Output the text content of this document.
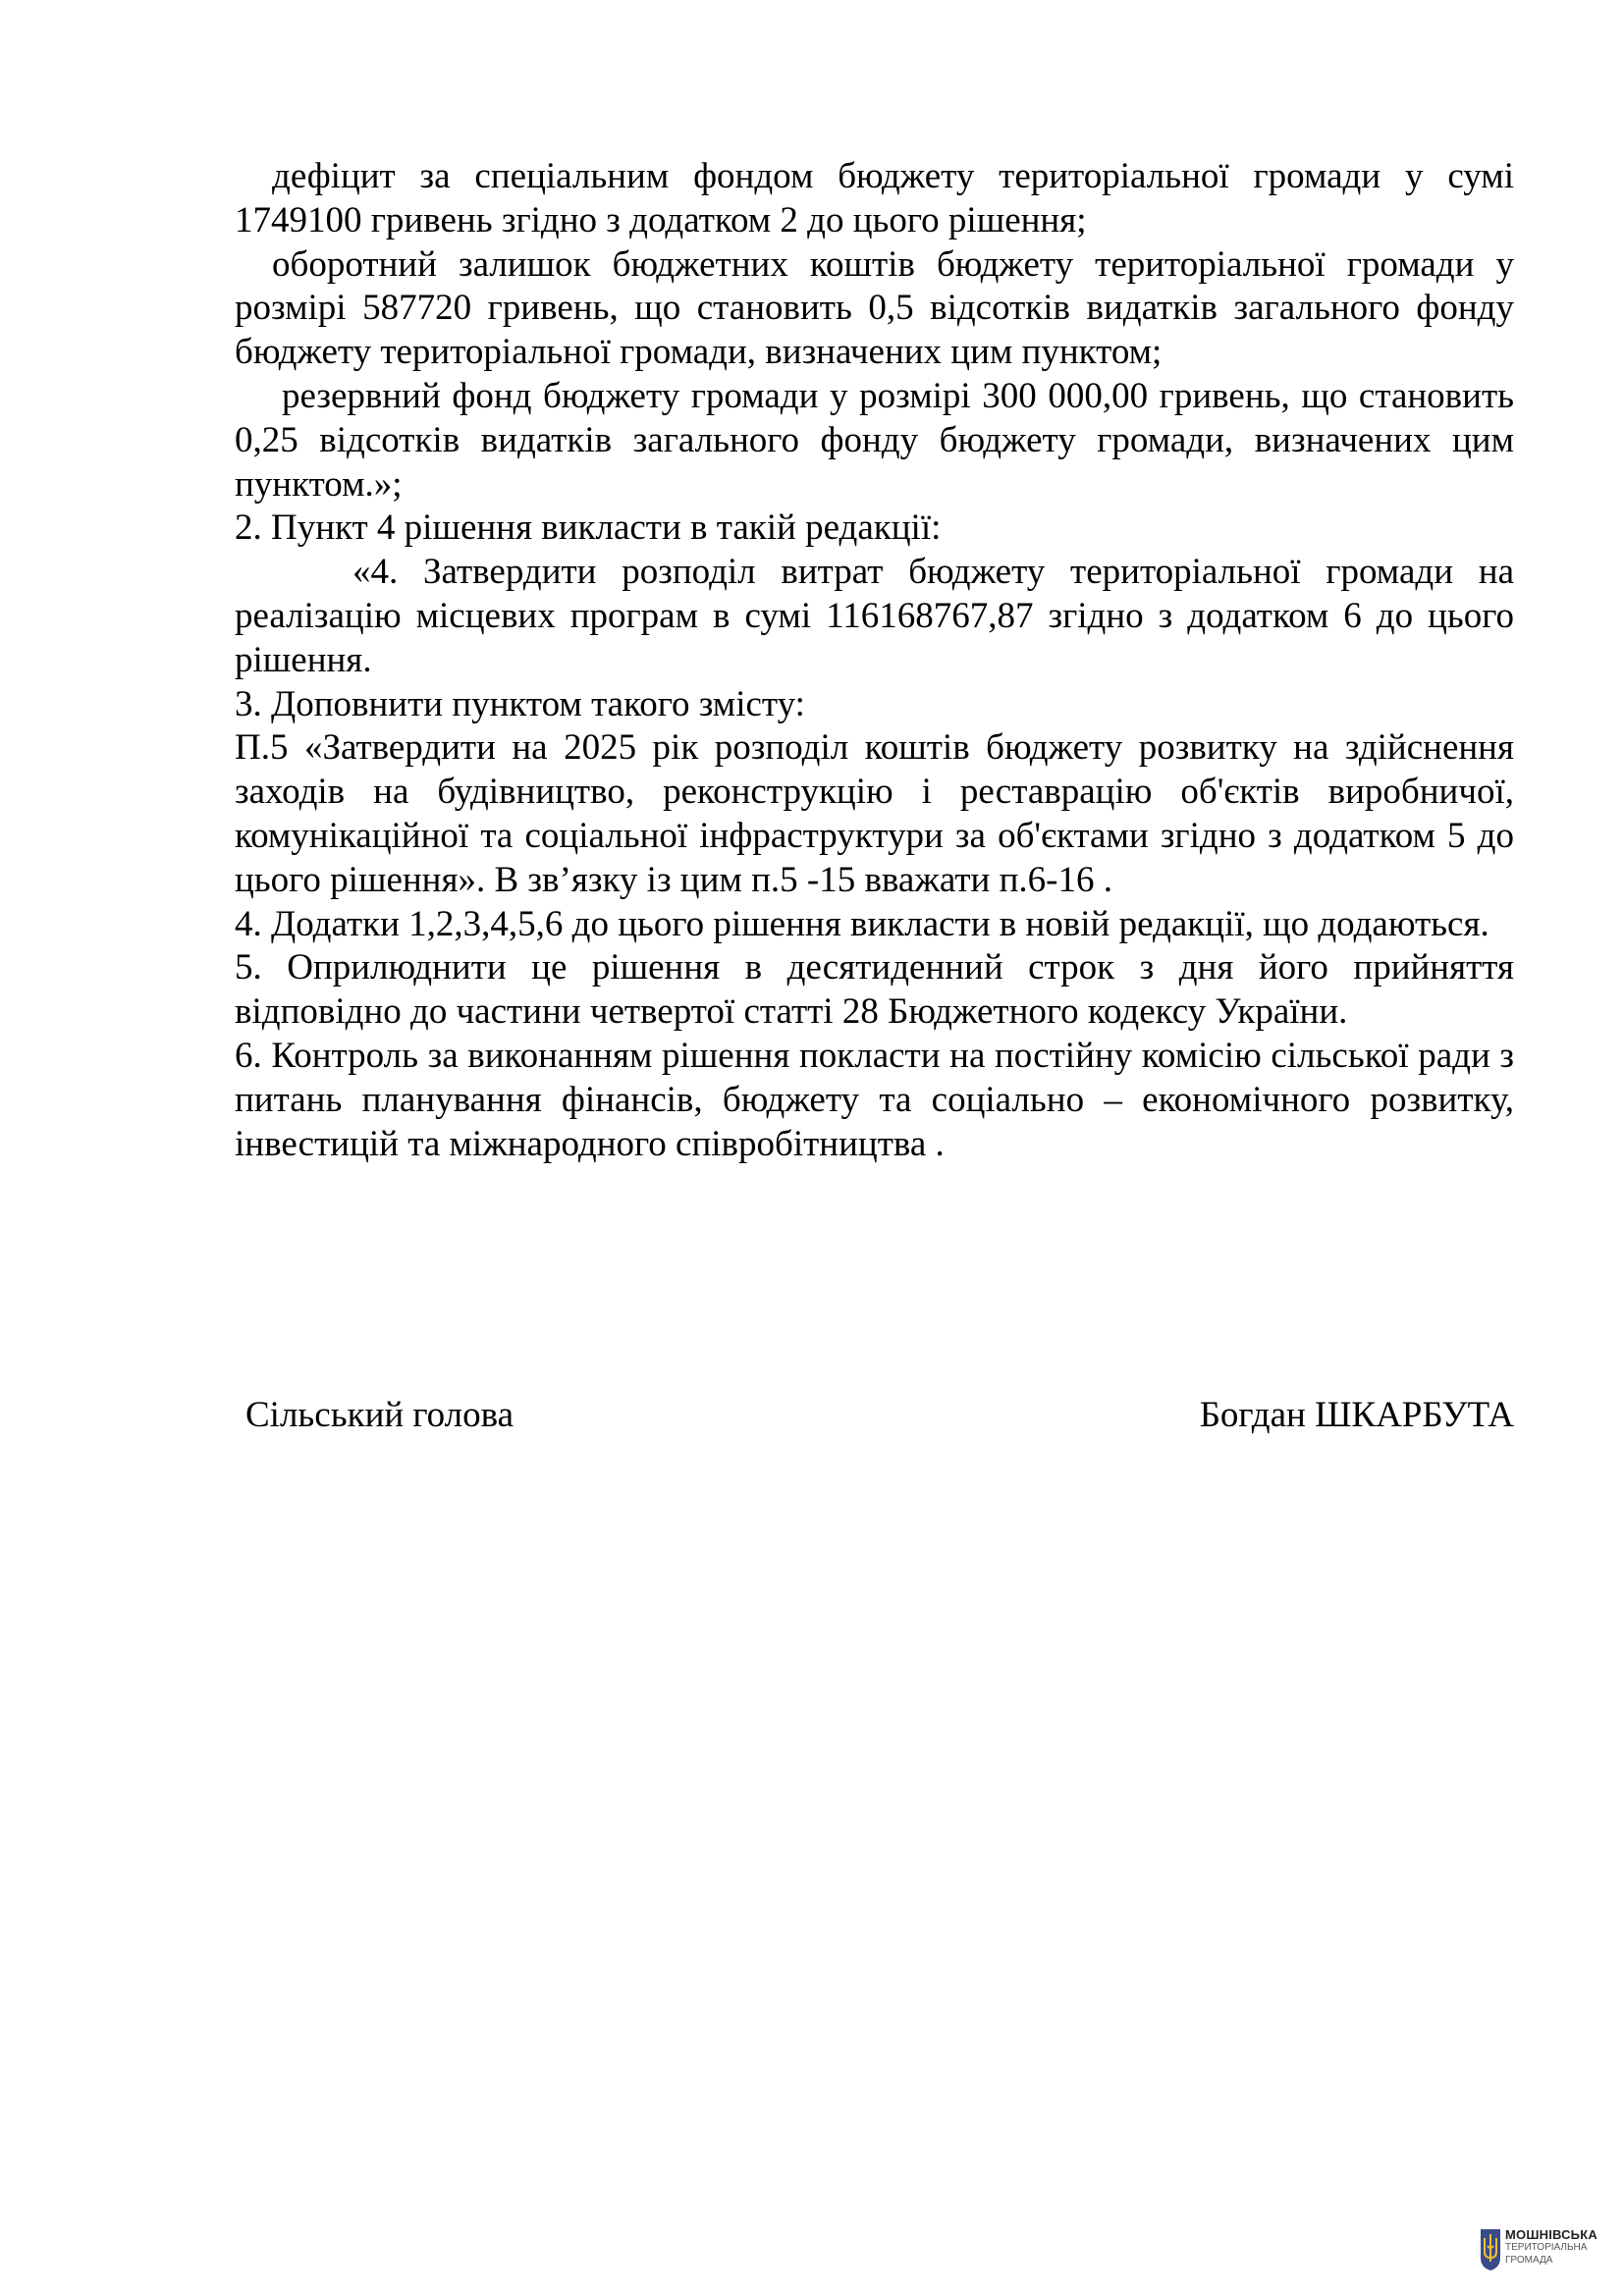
дефіцит за спеціальним фондом бюджету територіальної громади у сумі 1749100 гривень згідно з додатком 2 до цього рішення;

оборотний залишок бюджетних коштів бюджету територіальної громади у розмірі 587720 гривень, що становить 0,5 відсотків видатків загального фонду бюджету територіальної громади, визначених цим пунктом;

резервний фонд бюджету громади у розмірі 300 000,00 гривень, що становить 0,25 відсотків видатків загального фонду бюджету громади, визначених цим пунктом.»;

2. Пункт 4 рішення викласти в такій редакції:

«4. Затвердити розподіл витрат бюджету територіальної громади на реалізацію місцевих програм в сумі 116168767,87 згідно з додатком 6 до цього рішення.

3. Доповнити пунктом такого змісту:

П.5 «Затвердити на 2025 рік розподіл коштів бюджету розвитку на здійснення заходів на будівництво, реконструкцію і реставрацію об'єктів виробничої, комунікаційної та соціальної інфраструктури за об'єктами згідно з додатком 5 до цього рішення». В звʼязку із цим п.5 -15 вважати п.6-16 .

4. Додатки 1,2,3,4,5,6 до цього рішення викласти в новій редакції, що додаються.

5. Оприлюднити це рішення в десятиденний строк з дня його прийняття відповідно до частини четвертої статті 28 Бюджетного кодексу України.

6. Контроль за виконанням рішення покласти на постійну комісію сільської ради з питань планування фінансів, бюджету та соціально – економічного розвитку, інвестицій та міжнародного співробітництва .

Сільський голова	Богдан ШКАРБУТА
МОШНІВСЬКА
ТЕРИТОРІАЛЬНА
ГРОМАДА
